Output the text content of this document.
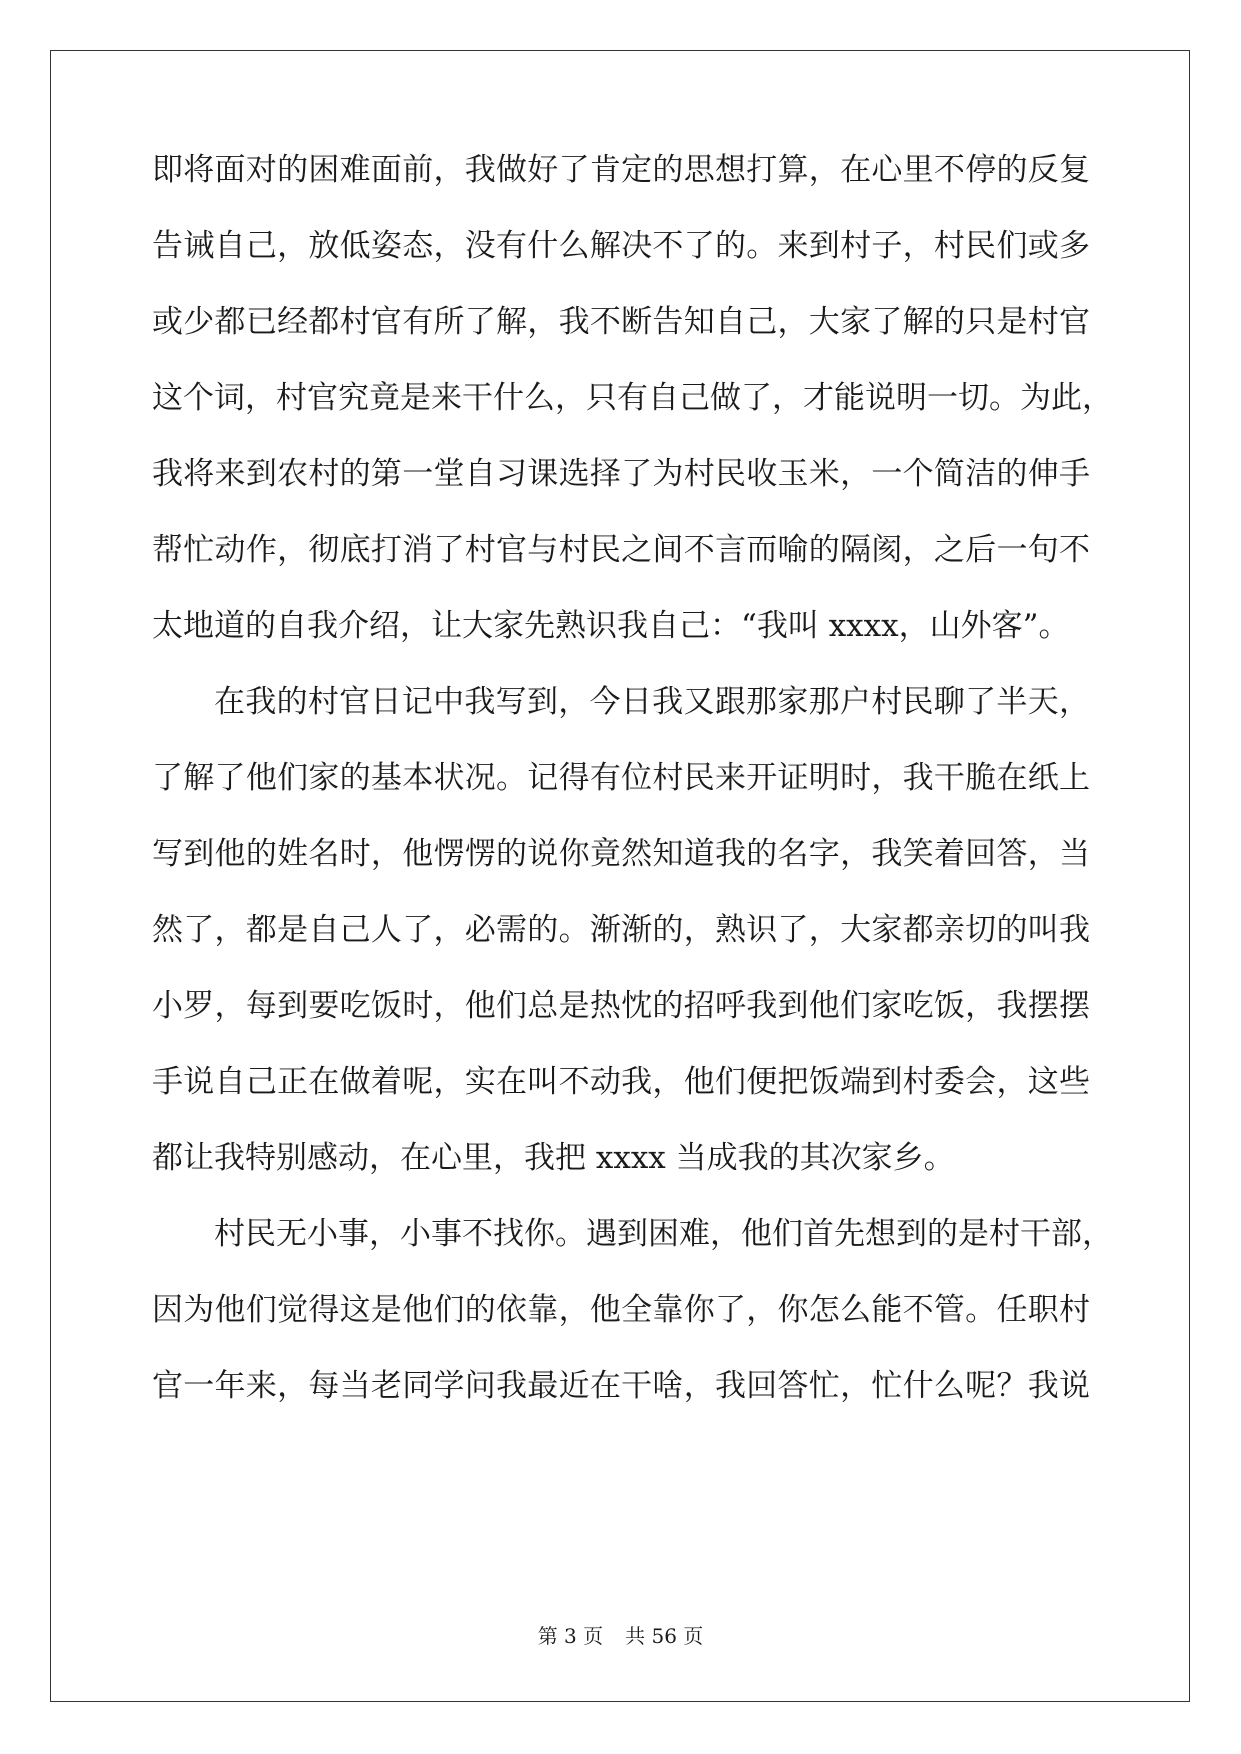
即将面对的困难面前，我做好了肯定的思想打算，在心里不停的反复
告诫自己，放低姿态，没有什么解决不了的。来到村子，村民们或多
或少都已经都村官有所了解，我不断告知自己，大家了解的只是村官
这个词，村官究竟是来干什么，只有自己做了，才能说明一切。为此，
我将来到农村的第一堂自习课选择了为村民收玉米，一个简洁的伸手
帮忙动作，彻底打消了村官与村民之间不言而喻的隔阂，之后一句不
太地道的自我介绍，让大家先熟识我自己：“我叫 xxxx，山外客”。
在我的村官日记中我写到，今日我又跟那家那户村民聊了半天，
了解了他们家的基本状况。记得有位村民来开证明时，我干脆在纸上
写到他的姓名时，他愣愣的说你竟然知道我的名字，我笑着回答，当
然了，都是自己人了，必需的。渐渐的，熟识了，大家都亲切的叫我
小罗，每到要吃饭时，他们总是热忱的招呼我到他们家吃饭，我摆摆
手说自己正在做着呢，实在叫不动我，他们便把饭端到村委会，这些
都让我特别感动，在心里，我把 xxxx 当成我的其次家乡。
村民无小事，小事不找你。遇到困难，他们首先想到的是村干部，
因为他们觉得这是他们的依靠，他全靠你了，你怎么能不管。任职村
官一年来，每当老同学问我最近在干啥，我回答忙，忙什么呢？我说
第 3 页 共 56 页
